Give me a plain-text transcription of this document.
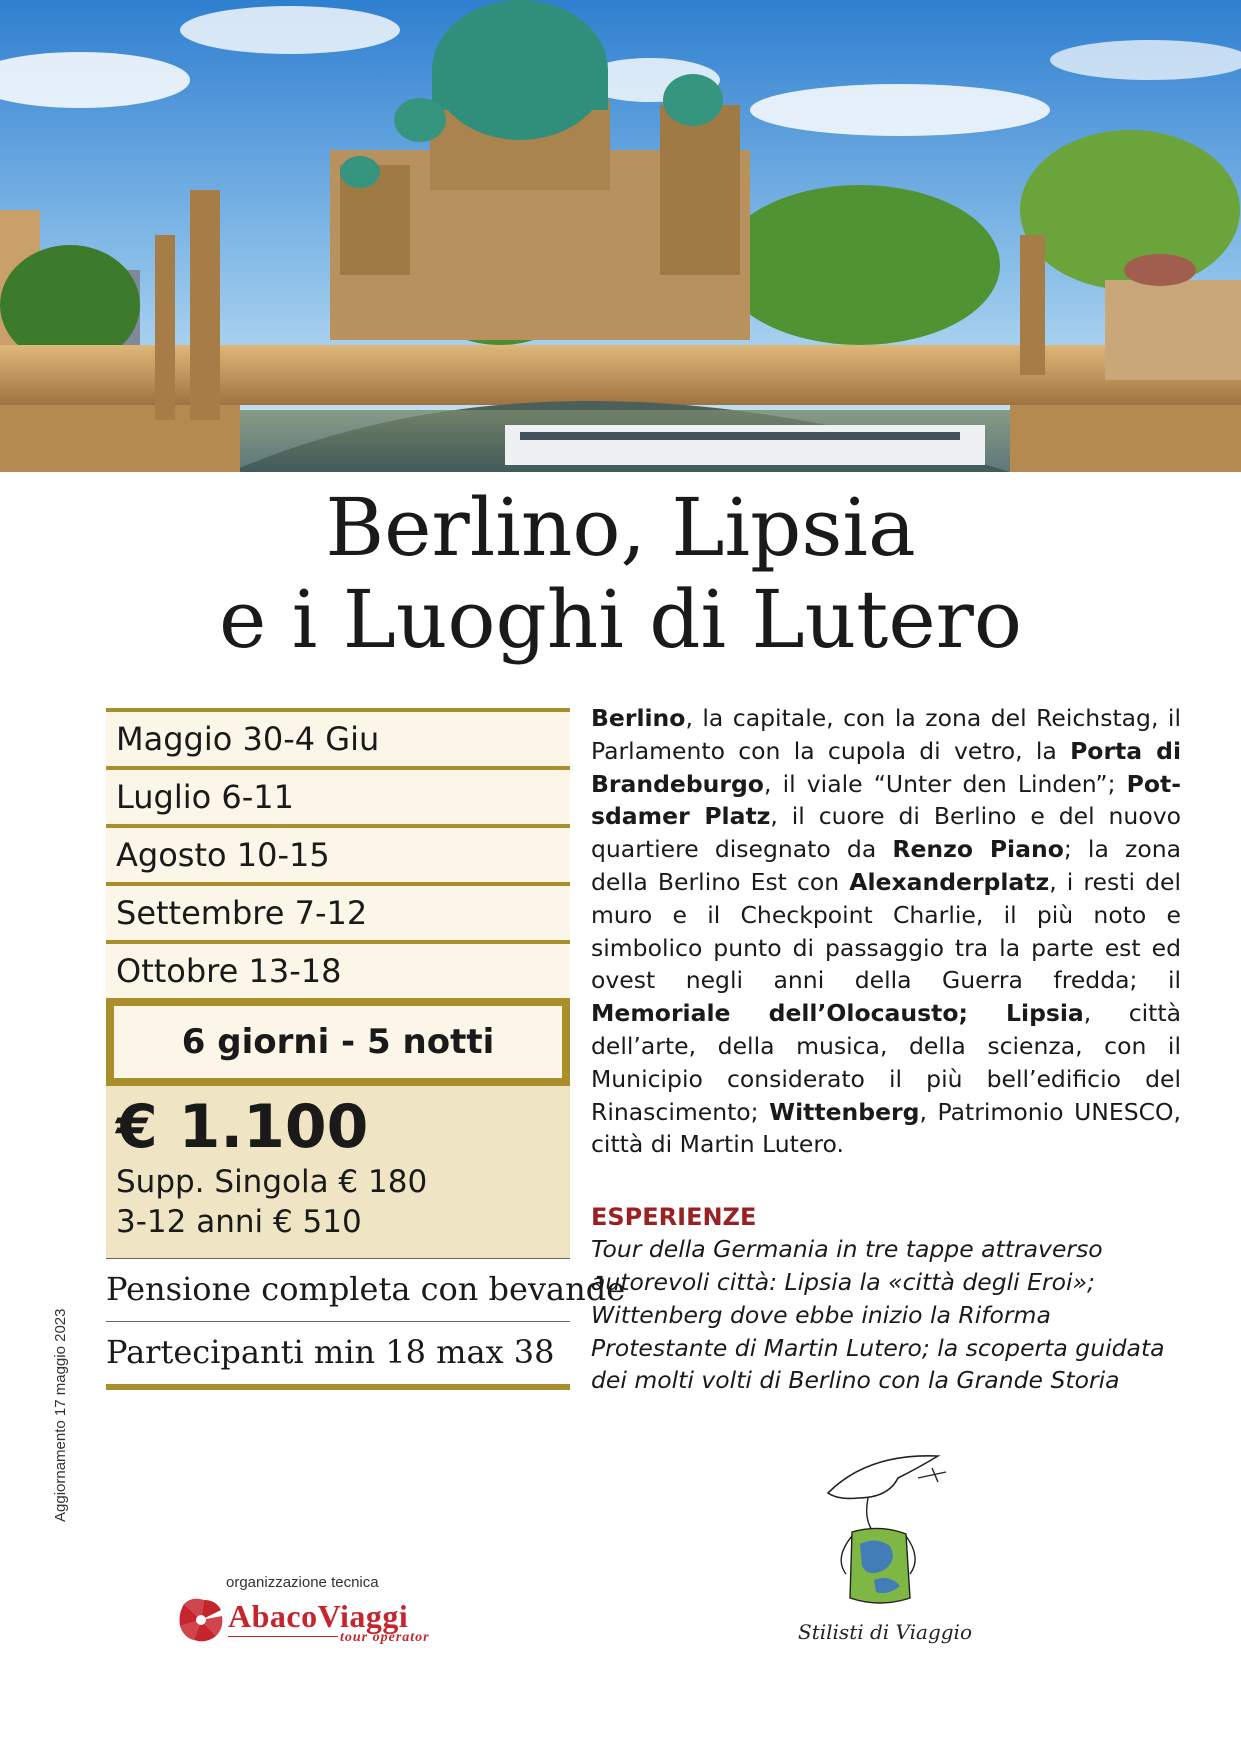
Berlino, Lipsia
e i Luoghi di Lutero
Maggio 30-4 Giu
Luglio 6-11
Agosto 10-15
Settembre 7-12
Ottobre 13-18
6 giorni - 5 notti
€ 1.100
Supp. Singola € 180
3-12 anni € 510
Pensione completa con bevande
Partecipanti min 18 max 38
Berlino, la capitale, con la zona del Reichstag, il Parlamento con la cupola di vetro, la Porta di Brandeburgo, il viale “Unter den Linden”; Potsdamer Platz, il cuore di Berlino e del nuovo quartiere disegnato da Renzo Piano; la zona della Berlino Est con Alexanderplatz, i resti del muro e il Checkpoint Charlie, il più noto e simbolico punto di passaggio tra la parte est ed ovest negli anni della Guerra fredda; il Memoriale dell’Olocausto; Lipsia, città dell’arte, della musica, della scienza, con il Municipio considerato il più bell’edificio del Rinascimento; Wittenberg, Patrimonio UNESCO, città di Martin Lutero.
ESPERIENZE
Tour della Germania in tre tappe attraverso autorevoli città: Lipsia la «città degli Eroi»; Wittenberg dove ebbe inizio la Riforma Protestante di Martin Lutero; la scoperta guidata dei molti volti di Berlino con la Grande Storia
Aggiornamento 17 maggio 2023
organizzazione tecnica
AbacoViaggi
tour operator	Stilisti di Viaggio
